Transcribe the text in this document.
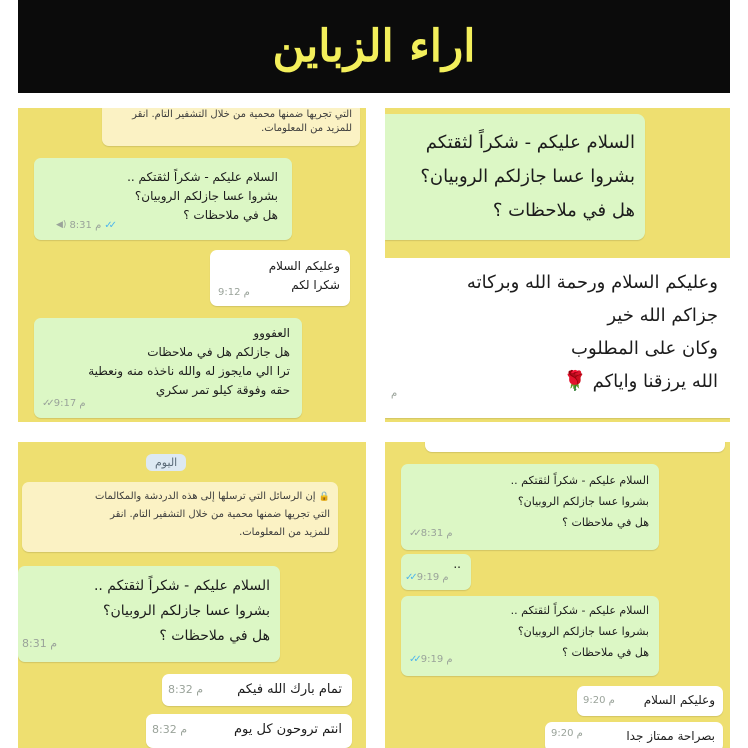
اراء الزباين
التي تجريها ضمنها محمية من خلال التشفير التام. انقر
للمزيد من المعلومات.
السلام عليكم - شكراً لثقتكم ..
بشروا عسا جازلكم الروبيان؟
هل في ملاحظات ؟
◀) 8:31 م ✓✓
وعليكم السلام
شكرا لكم
9:12 م
العفووو
هل جازلكم هل في ملاحظات
ترا الي مايجوز له والله ناخذه منه ونعطية
حقه وفوقة كيلو تمر سكري
✓✓ 9:17 م
السلام عليكم - شكراً لثقتكم
بشروا عسا جازلكم الروبيان؟
هل في ملاحظات ؟
وعليكم السلام ورحمة الله وبركاته
جزاكم الله خير
وكان على المطلوب
الله يرزقنا واياكم 🌹
م
اليوم
🔒 إن الرسائل التي ترسلها إلى هذه الدردشة والمكالمات
التي تجريها ضمنها محمية من خلال التشفير التام. انقر
للمزيد من المعلومات.
السلام عليكم - شكراً لثقتكم ..
بشروا عسا جازلكم الروبيان؟
هل في ملاحظات ؟
8:31 م
تمام بارك الله فيكم
8:32 م
انتم تروحون كل يوم
8:32 م
السلام عليكم - شكراً لثقتكم ..
بشروا عسا جازلكم الروبيان؟
هل في ملاحظات ؟
✓✓ 8:31 م
..
✓✓ 9:19 م
السلام عليكم - شكراً لثقتكم ..
بشروا عسا جازلكم الروبيان؟
هل في ملاحظات ؟
✓✓ 9:19 م
وعليكم السلام
9:20 م
بصراحة ممتاز جدا
9:20 م
